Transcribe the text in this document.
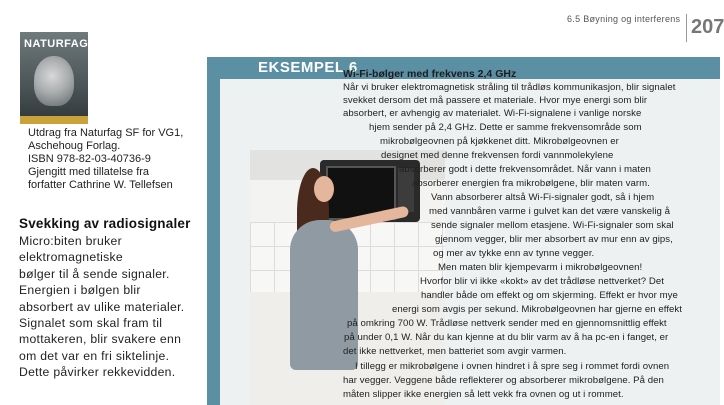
NATURFAG
Utdrag fra Naturfag SF for VG1,
Aschehoug Forlag.
ISBN 978-82-03-40736-9
Gjengitt med tillatelse fra
forfatter Cathrine W. Tellefsen
Svekking av radiosignaler
Micro:biten bruker
elektromagnetiske
bølger til å sende signaler.
Energien i bølgen blir
absorbert av ulike materialer.
Signalet som skal fram til
mottakeren, blir svakere enn
om det var en fri siktelinje.
Dette påvirker rekkevidden.
6.5 Bøyning og interferens 207
EKSEMPEL 6
Wi-Fi-bølger med frekvens 2,4 GHz
Når vi bruker elektromagnetisk stråling til trådløs kommunikasjon, blir signalet
svekket dersom det må passere et materiale. Hvor mye energi som blir
absorbert, er avhengig av materialet. Wi-Fi-signalene i vanlige norske
hjem sender på 2,4 GHz. Dette er samme frekvensområde som
mikrobølgeovnen på kjøkkenet ditt. Mikrobølgeovnen er
designet med denne frekvensen fordi vannmolekylene
absorberer godt i dette frekvensområdet. Når vann i maten
absorberer energien fra mikrobølgene, blir maten varm.
Vann absorberer altså Wi-Fi-signaler godt, så i hjem
med vannbåren varme i gulvet kan det være vanskelig å
sende signaler mellom etasjene. Wi-Fi-signaler som skal
gjennom vegger, blir mer absorbert av mur enn av gips,
og mer av tykke enn av tynne vegger.
Men maten blir kjempevarm i mikrobølgeovnen!
Hvorfor blir vi ikke «kokt» av det trådløse nettverket? Det
handler både om effekt og om skjerming. Effekt er hvor mye
energi som avgis per sekund. Mikrobølgeovnen har gjerne en effekt
på omkring 700 W. Trådløse nettverk sender med en gjennomsnittlig effekt
på under 0,1 W. Når du kan kjenne at du blir varm av å ha pc-en i fanget, er
det ikke nettverket, men batteriet som avgir varmen.
I tillegg er mikrobølgene i ovnen hindret i å spre seg i rommet fordi ovnen
har vegger. Veggene både reflekterer og absorberer mikrobølgene. På den
måten slipper ikke energien så lett vekk fra ovnen og ut i rommet.
